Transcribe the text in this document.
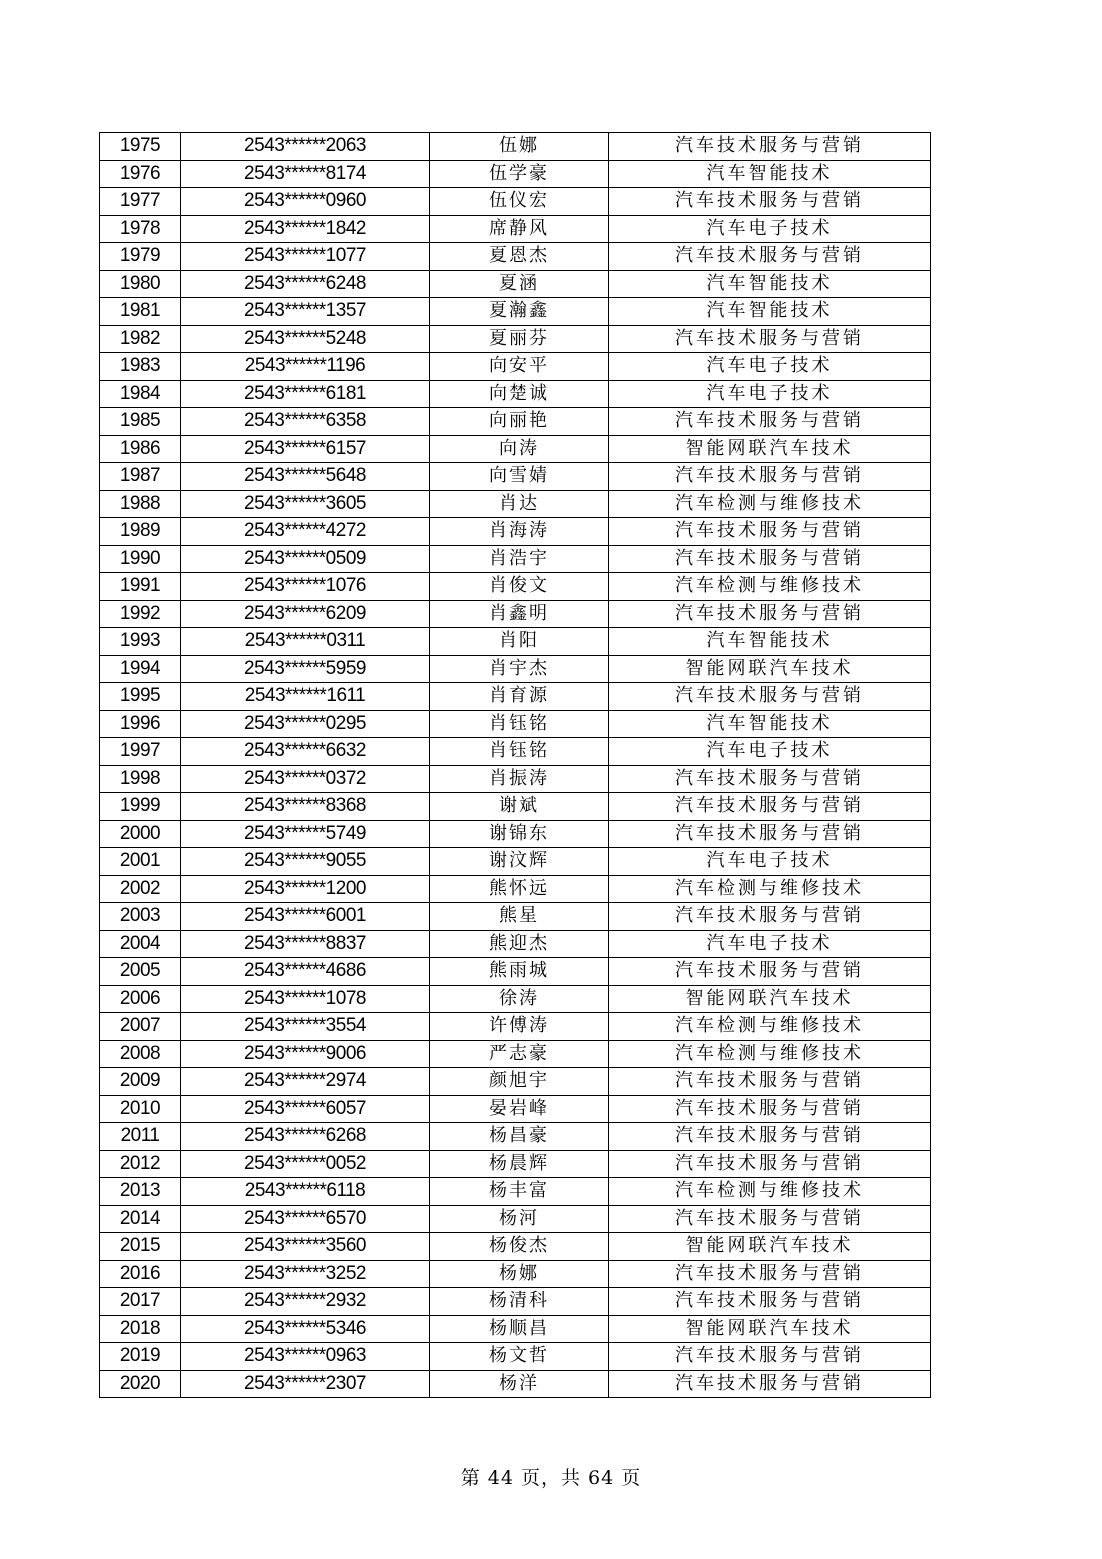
1975	2543******2063	伍娜	汽车技术服务与营销
1976	2543******8174	伍学豪	汽车智能技术
1977	2543******0960	伍仪宏	汽车技术服务与营销
1978	2543******1842	席静风	汽车电子技术
1979	2543******1077	夏恩杰	汽车技术服务与营销
1980	2543******6248	夏涵	汽车智能技术
1981	2543******1357	夏瀚鑫	汽车智能技术
1982	2543******5248	夏丽芬	汽车技术服务与营销
1983	2543******1196	向安平	汽车电子技术
1984	2543******6181	向楚诚	汽车电子技术
1985	2543******6358	向丽艳	汽车技术服务与营销
1986	2543******6157	向涛	智能网联汽车技术
1987	2543******5648	向雪婧	汽车技术服务与营销
1988	2543******3605	肖达	汽车检测与维修技术
1989	2543******4272	肖海涛	汽车技术服务与营销
1990	2543******0509	肖浩宇	汽车技术服务与营销
1991	2543******1076	肖俊文	汽车检测与维修技术
1992	2543******6209	肖鑫明	汽车技术服务与营销
1993	2543******0311	肖阳	汽车智能技术
1994	2543******5959	肖宇杰	智能网联汽车技术
1995	2543******1611	肖育源	汽车技术服务与营销
1996	2543******0295	肖钰铭	汽车智能技术
1997	2543******6632	肖钰铭	汽车电子技术
1998	2543******0372	肖振涛	汽车技术服务与营销
1999	2543******8368	谢斌	汽车技术服务与营销
2000	2543******5749	谢锦东	汽车技术服务与营销
2001	2543******9055	谢汶辉	汽车电子技术
2002	2543******1200	熊怀远	汽车检测与维修技术
2003	2543******6001	熊星	汽车技术服务与营销
2004	2543******8837	熊迎杰	汽车电子技术
2005	2543******4686	熊雨城	汽车技术服务与营销
2006	2543******1078	徐涛	智能网联汽车技术
2007	2543******3554	许傅涛	汽车检测与维修技术
2008	2543******9006	严志豪	汽车检测与维修技术
2009	2543******2974	颜旭宇	汽车技术服务与营销
2010	2543******6057	晏岩峰	汽车技术服务与营销
2011	2543******6268	杨昌豪	汽车技术服务与营销
2012	2543******0052	杨晨辉	汽车技术服务与营销
2013	2543******6118	杨丰富	汽车检测与维修技术
2014	2543******6570	杨河	汽车技术服务与营销
2015	2543******3560	杨俊杰	智能网联汽车技术
2016	2543******3252	杨娜	汽车技术服务与营销
2017	2543******2932	杨清科	汽车技术服务与营销
2018	2543******5346	杨顺昌	智能网联汽车技术
2019	2543******0963	杨文哲	汽车技术服务与营销
2020	2543******2307	杨洋	汽车技术服务与营销
第 44 页，共 64 页
